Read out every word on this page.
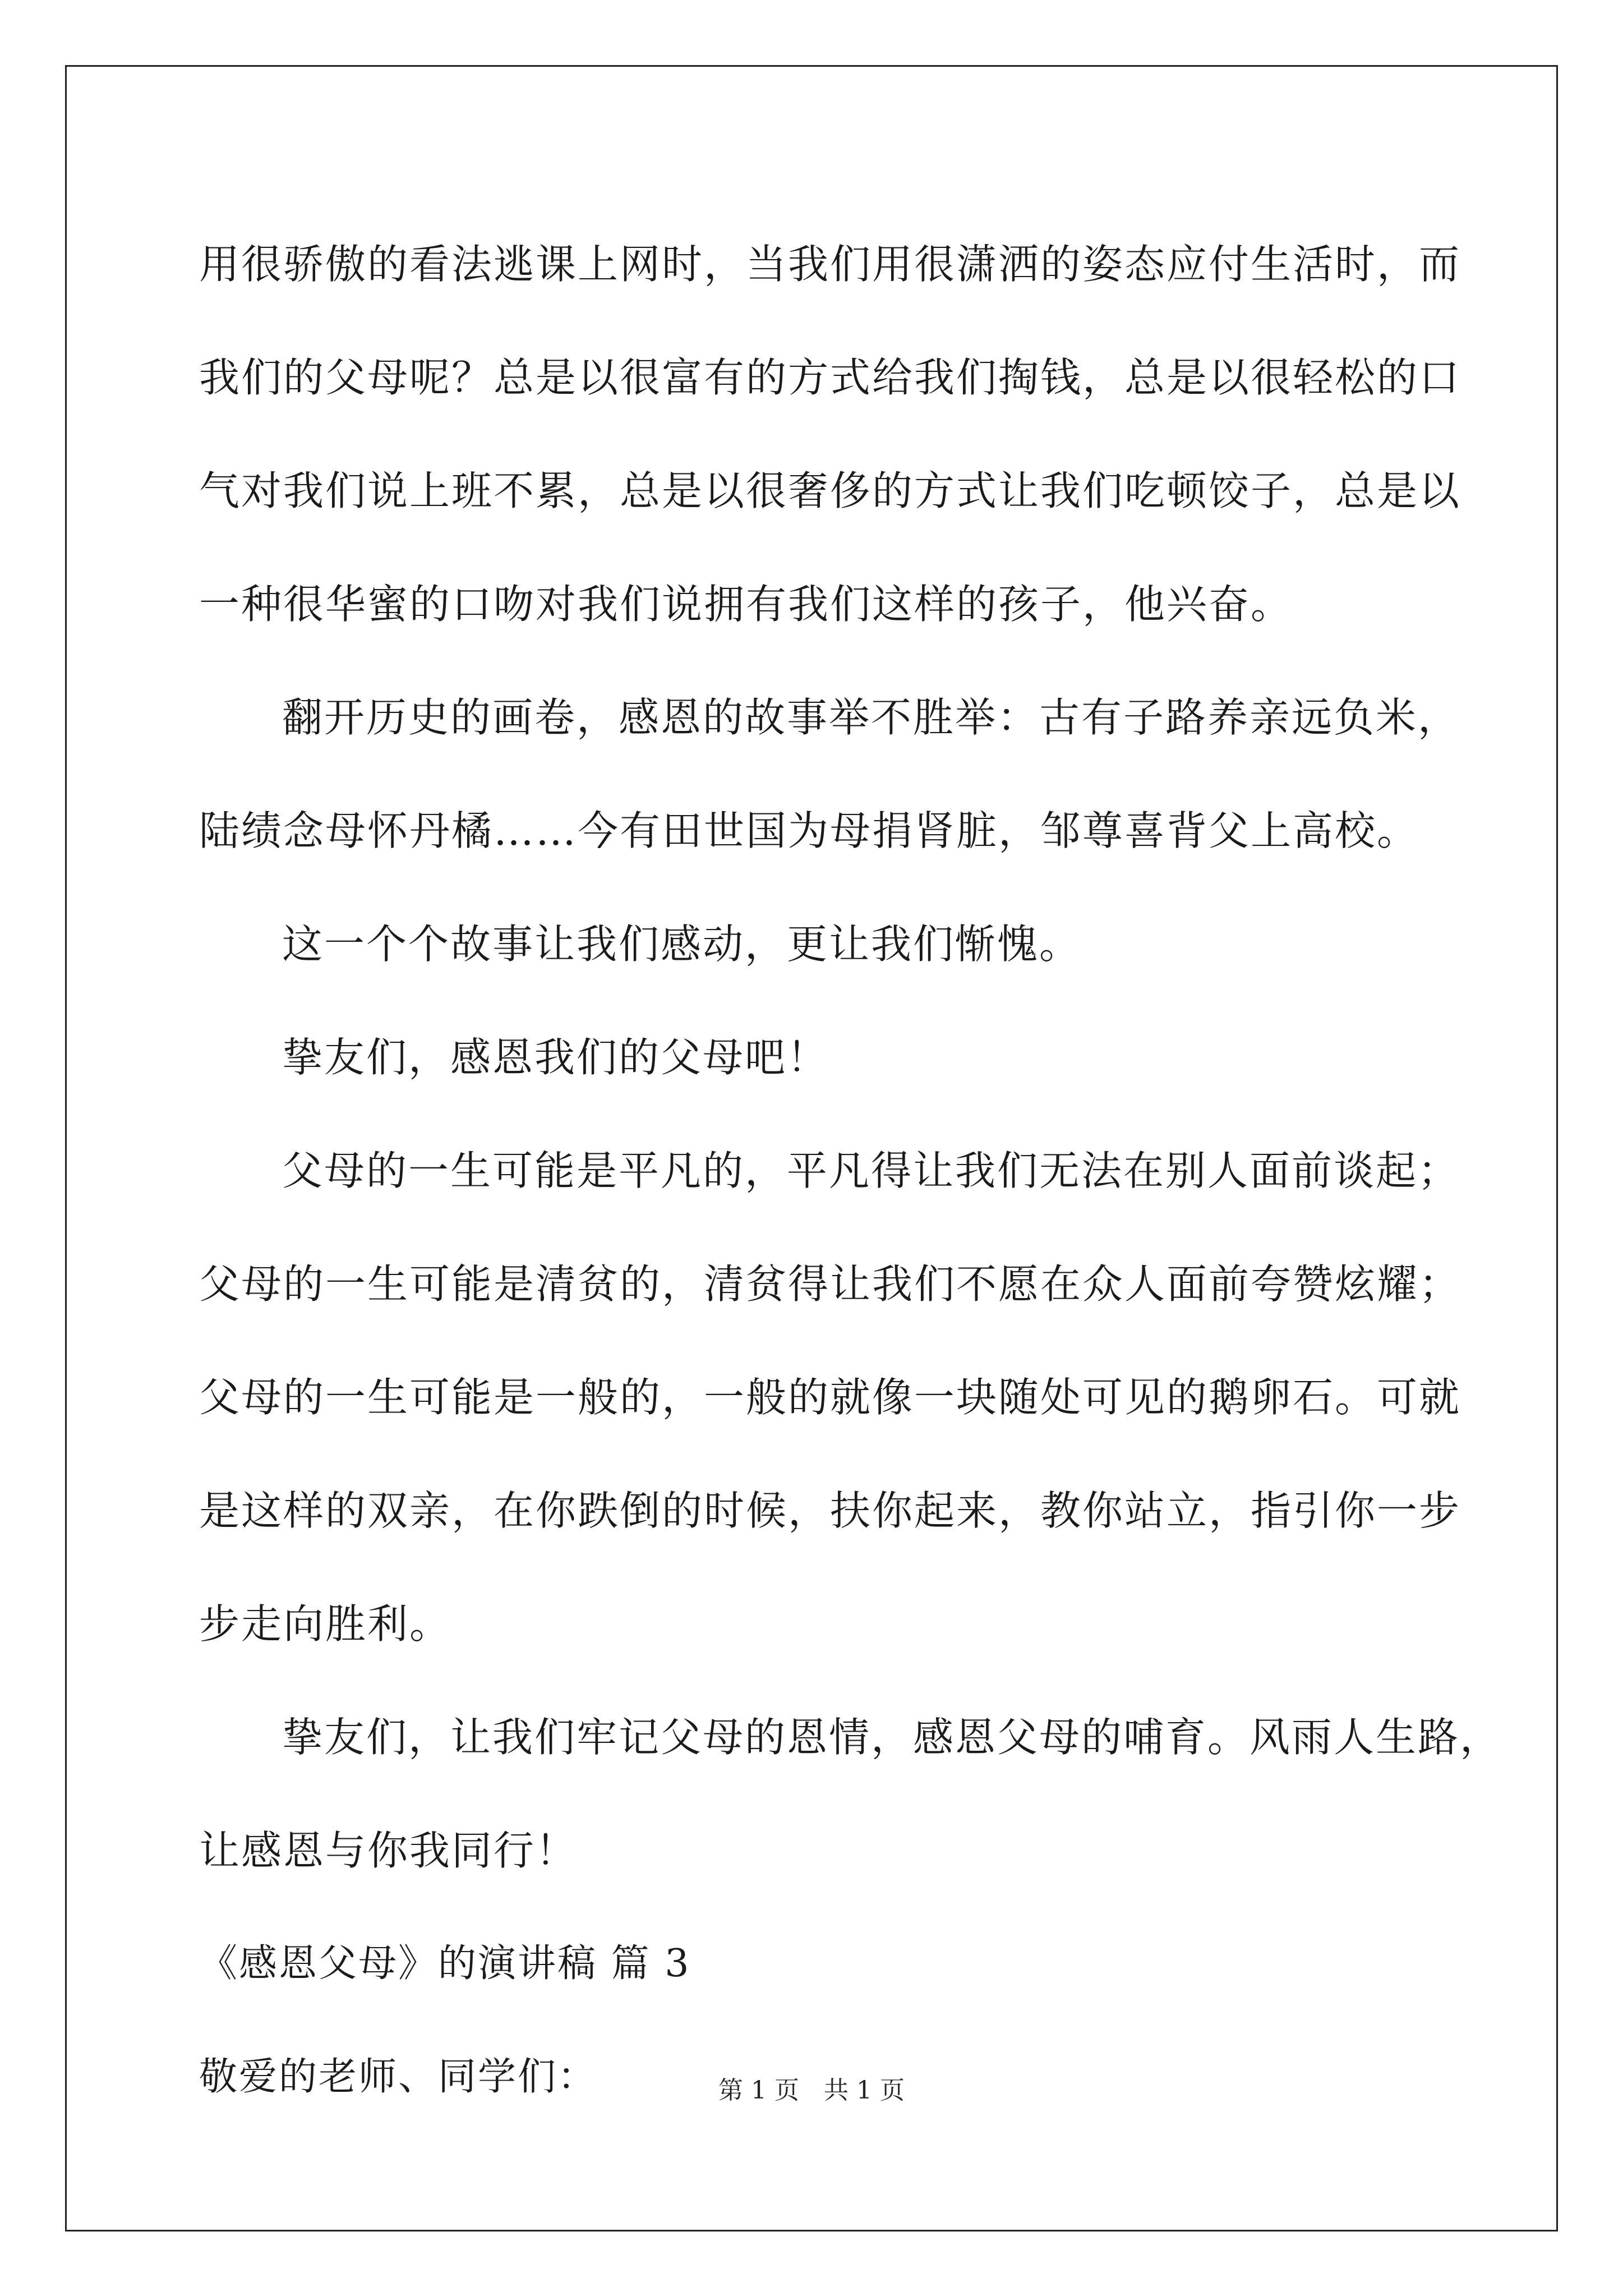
用很骄傲的看法逃课上网时，当我们用很潇洒的姿态应付生活时，而
我们的父母呢？总是以很富有的方式给我们掏钱，总是以很轻松的口
气对我们说上班不累，总是以很奢侈的方式让我们吃顿饺子，总是以
一种很华蜜的口吻对我们说拥有我们这样的孩子，他兴奋。
翻开历史的画卷，感恩的故事举不胜举：古有子路养亲远负米，
陆绩念母怀丹橘……今有田世国为母捐肾脏，邹尊喜背父上高校。
这一个个故事让我们感动，更让我们惭愧。
挚友们，感恩我们的父母吧！
父母的一生可能是平凡的，平凡得让我们无法在别人面前谈起；
父母的一生可能是清贫的，清贫得让我们不愿在众人面前夸赞炫耀；
父母的一生可能是一般的，一般的就像一块随处可见的鹅卵石。可就
是这样的双亲，在你跌倒的时候，扶你起来，教你站立，指引你一步
步走向胜利。
挚友们，让我们牢记父母的恩情，感恩父母的哺育。风雨人生路，
让感恩与你我同行！
《感恩父母》的演讲稿 篇 3
敬爱的老师、同学们：	第 1 页 共 1 页
